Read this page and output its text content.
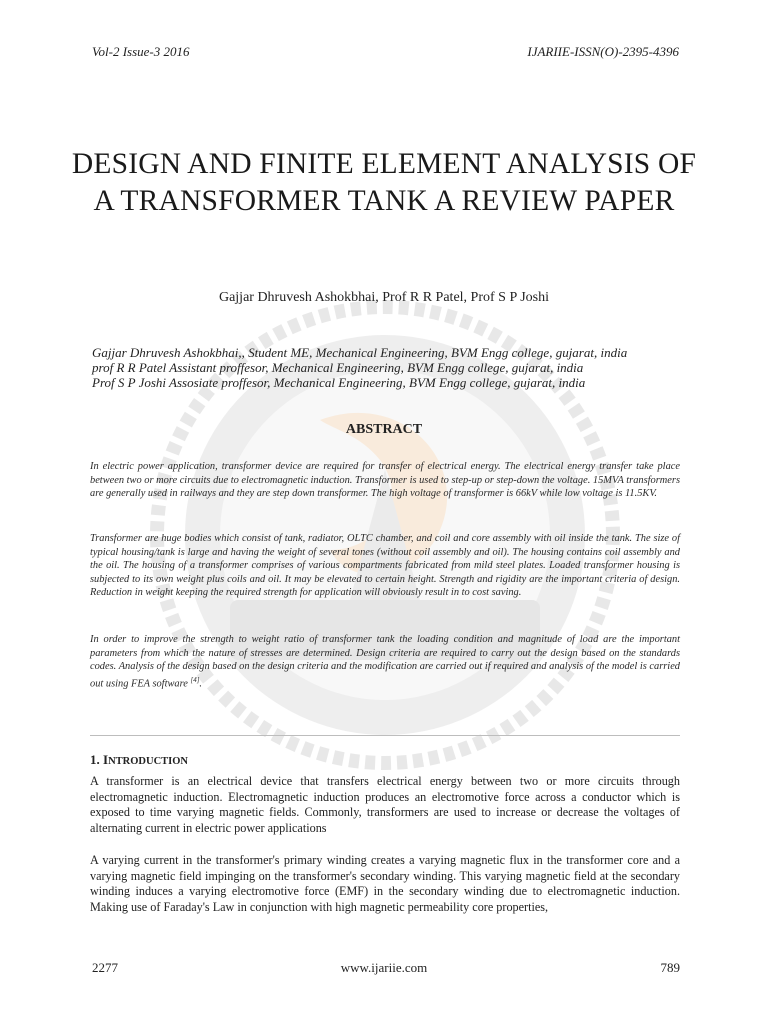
Vol-2 Issue-3 2016	IJARIIE-ISSN(O)-2395-4396
DESIGN AND FINITE ELEMENT ANALYSIS OF A TRANSFORMER TANK A REVIEW PAPER
Gajjar Dhruvesh Ashokbhai, Prof R R Patel, Prof S P Joshi
Gajjar Dhruvesh Ashokbhai,, Student ME, Mechanical Engineering, BVM Engg college, gujarat, india
prof R R Patel Assistant proffesor, Mechanical Engineering, BVM Engg college, gujarat, india
Prof S P Joshi Assosiate proffesor, Mechanical Engineering, BVM Engg college, gujarat, india
ABSTRACT
In electric power application, transformer device are required for transfer of electrical energy. The electrical energy transfer take place between two or more circuits due to electromagnetic induction. Transformer is used to step-up or step-down the voltage. 15MVA transformers are generally used in railways and they are step down transformer. The high voltage of transformer is 66kV while low voltage is 11.5KV.
Transformer are huge bodies which consist of tank, radiator, OLTC chamber, and coil and core assembly with oil inside the tank. The size of typical housing/tank is large and having the weight of several tones (without coil assembly and oil). The housing contains coil assembly and the oil. The housing of a transformer comprises of various compartments fabricated from mild steel plates. Loaded transformer housing is subjected to its own weight plus coils and oil. It may be elevated to certain height. Strength and rigidity are the important criteria of design. Reduction in weight keeping the required strength for application will obviously result in to cost saving.
In order to improve the strength to weight ratio of transformer tank the loading condition and magnitude of load are the important parameters from which the nature of stresses are determined. Design criteria are required to carry out the design based on the standards codes. Analysis of the design based on the design criteria and the modification are carried out if required and analysis of the model is carried out using FEA software [4].
1. INTRODUCTION
A transformer is an electrical device that transfers electrical energy between two or more circuits through electromagnetic induction. Electromagnetic induction produces an electromotive force across a conductor which is exposed to time varying magnetic fields. Commonly, transformers are used to increase or decrease the voltages of alternating current in electric power applications
A varying current in the transformer's primary winding creates a varying magnetic flux in the transformer core and a varying magnetic field impinging on the transformer's secondary winding. This varying magnetic field at the secondary winding induces a varying electromotive force (EMF) in the secondary winding due to electromagnetic induction. Making use of Faraday's Law in conjunction with high magnetic permeability core properties,
2277	www.ijariie.com	789
